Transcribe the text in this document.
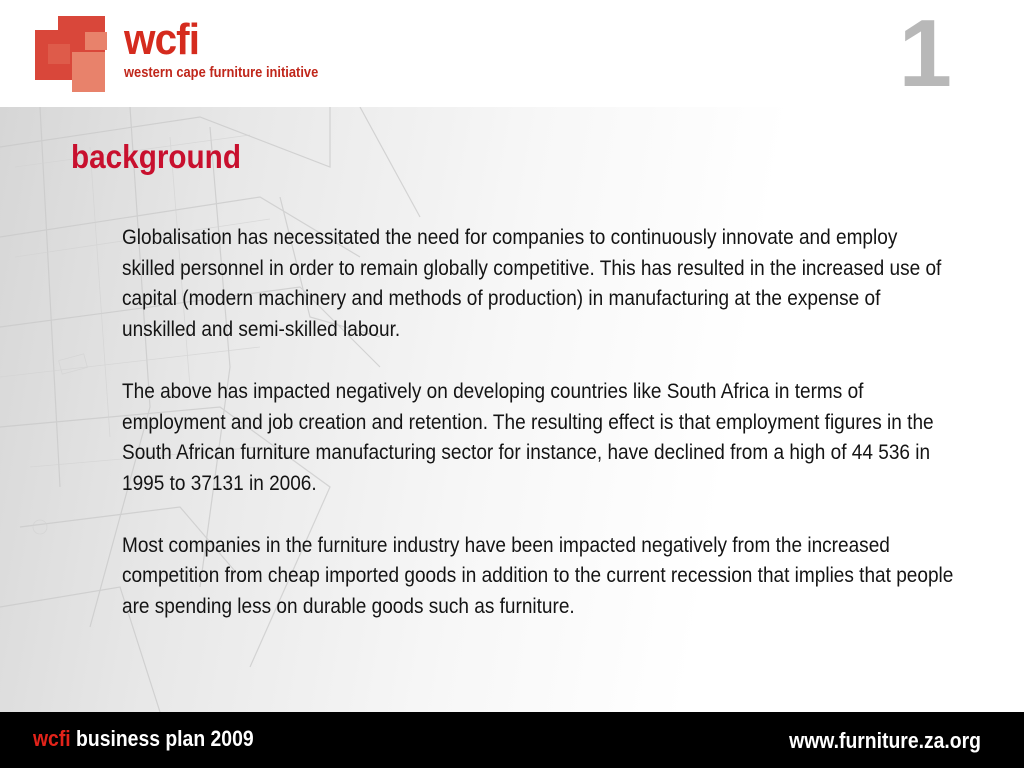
wcfi
western cape furniture initiative	1
background

Globalisation has necessitated the need for companies to continuously innovate and employ skilled personnel in order to remain globally competitive. This has resulted in the increased use of capital (modern machinery and methods of production) in manufacturing at the expense of unskilled and semi-skilled labour.

The above has impacted negatively on developing countries like South Africa in terms of employment and job creation and retention. The resulting effect is that employment figures in the South African furniture manufacturing sector for instance, have declined from a high of 44 536 in 1995 to 37131 in 2006.

Most companies in the furniture industry have been impacted negatively from the increased competition from cheap imported goods in addition to the current recession that implies that people are spending less on durable goods such as furniture.

wcfi business plan 2009	www.furniture.za.org
